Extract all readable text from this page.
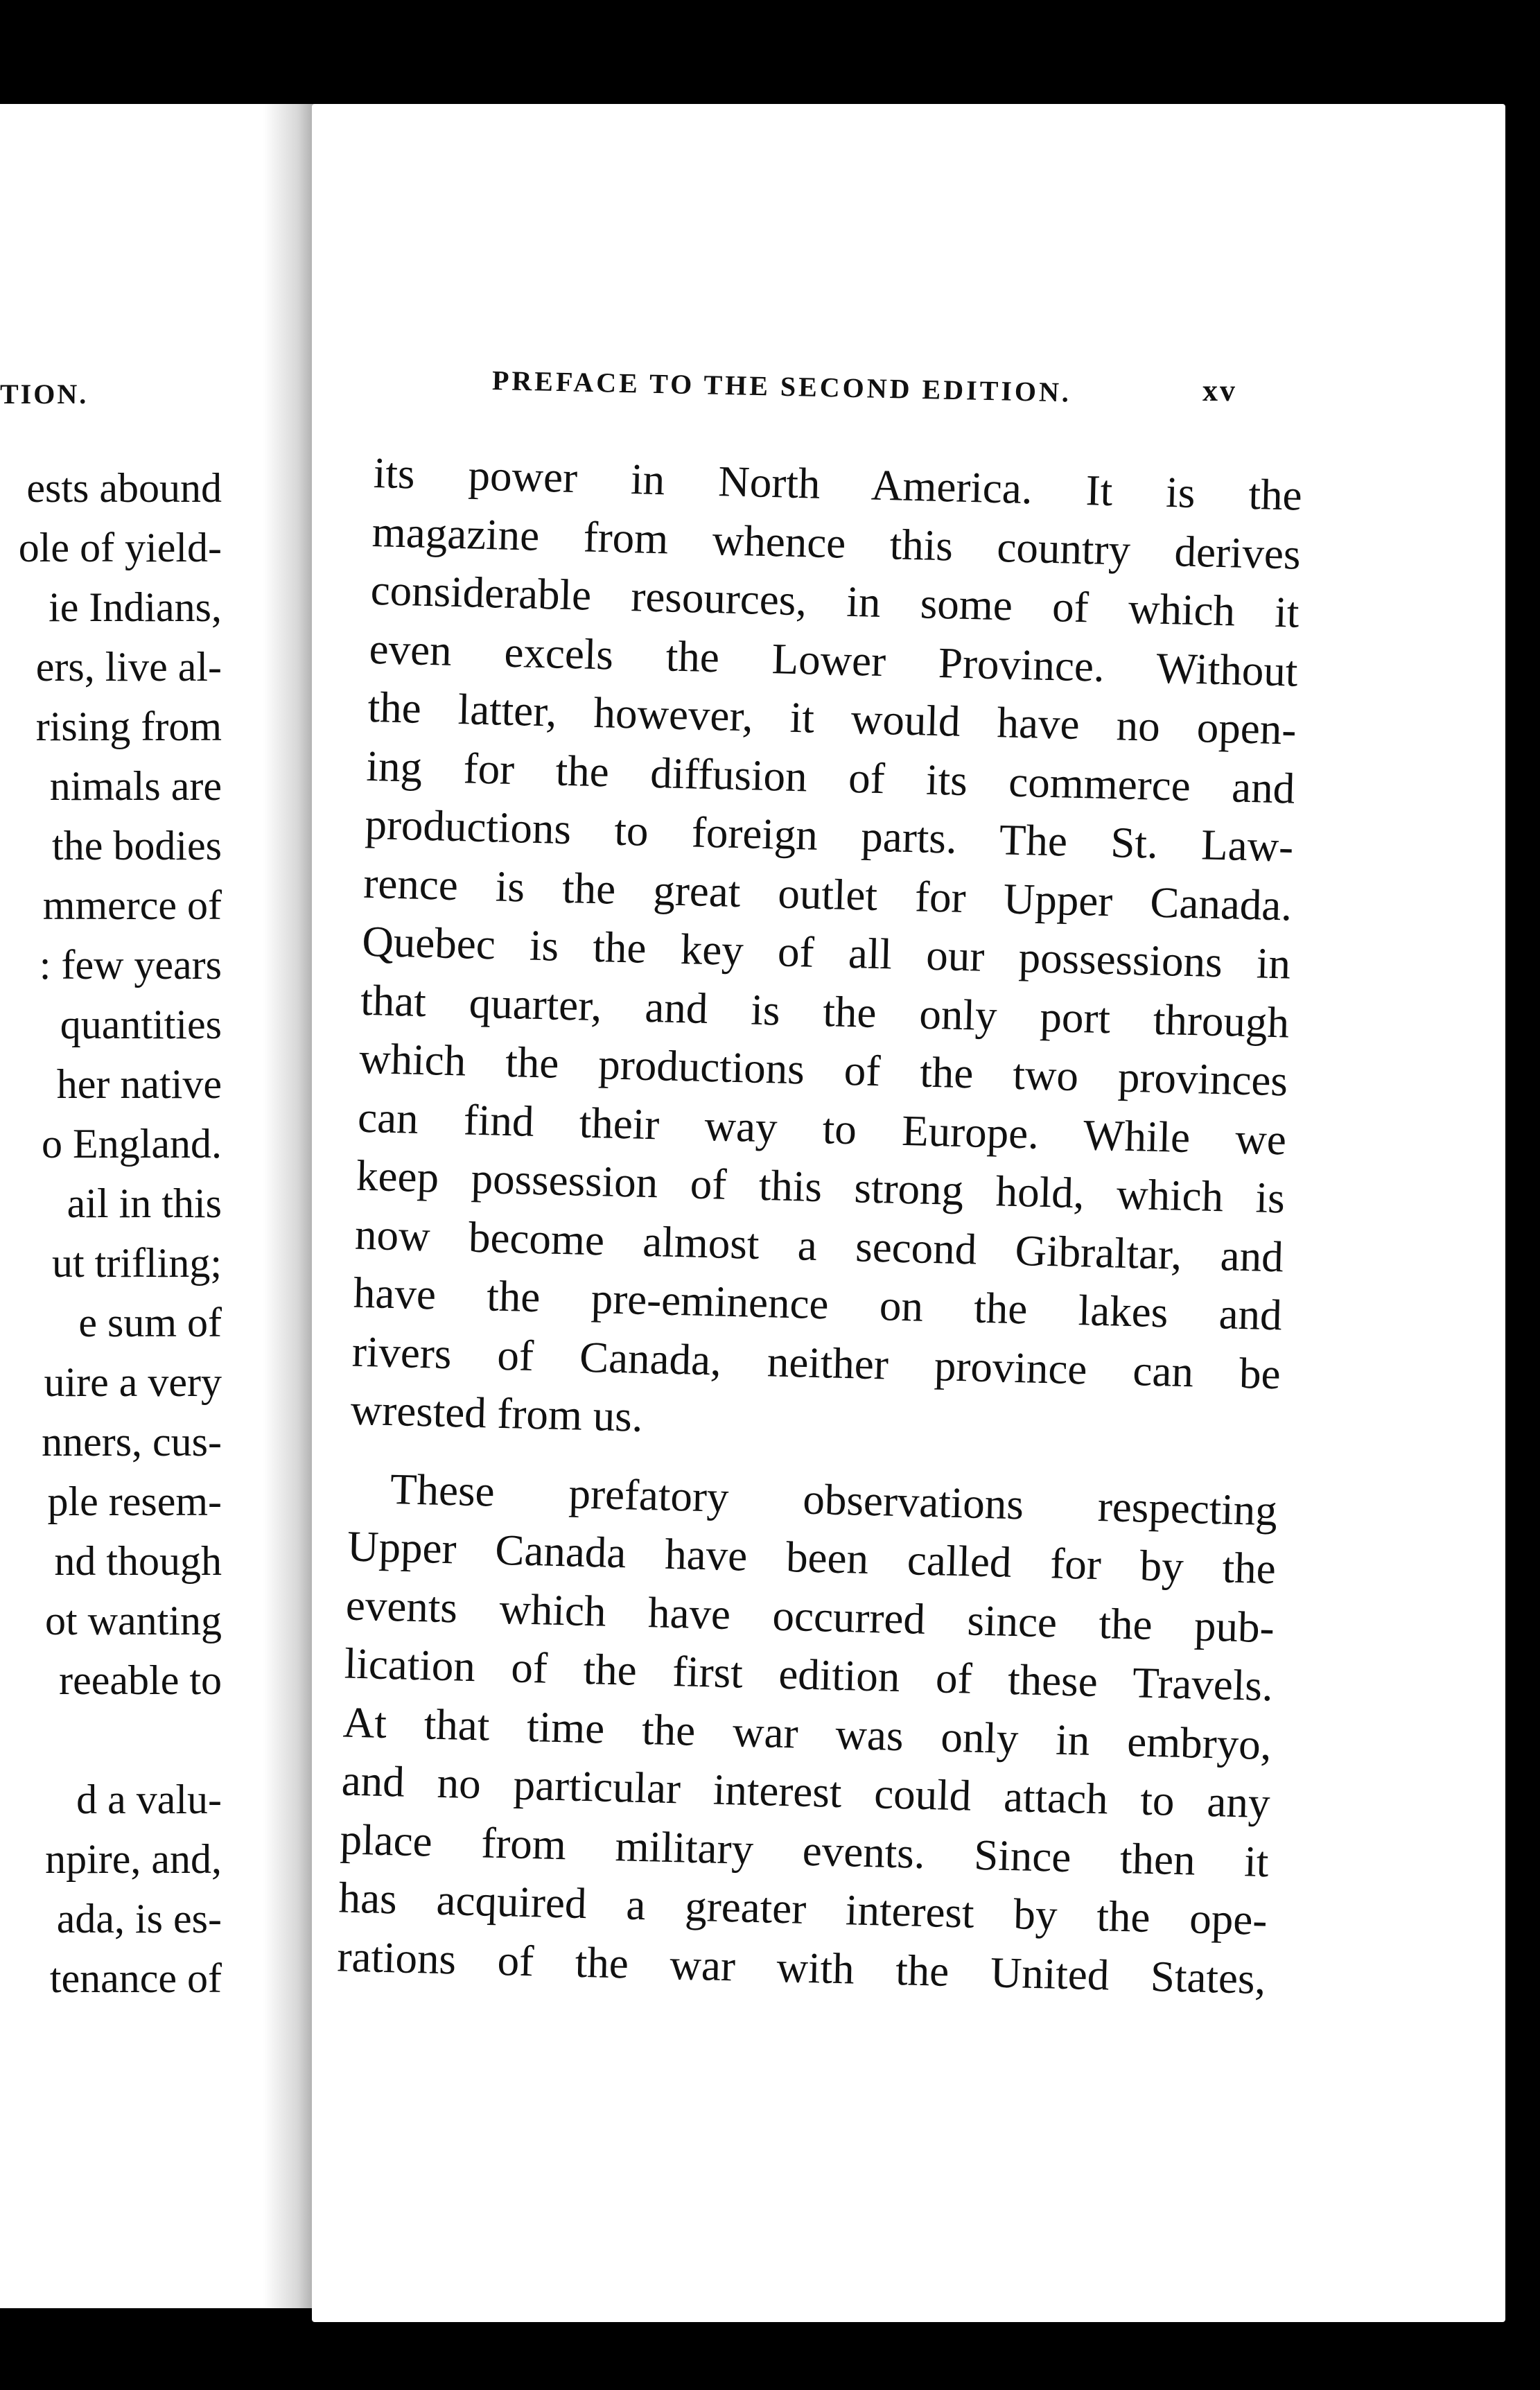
TION.
ests abound
ole of yield-
ie Indians,
ers, live al-
rising from
nimals are
the bodies
mmerce of
: few years
quantities
her native
o England.
ail in this
ut trifling;
e sum of
uire a very
nners, cus-
ple resem-
nd though
ot wanting
reeable to
d a valu-
npire, and,
ada, is es-
tenance of
PREFACE TO THE SECOND EDITION.	xv
its power in North America. It is the
magazine from whence this country derives
considerable resources, in some of which it
even excels the Lower Province. Without
the latter, however, it would have no open-
ing for the diffusion of its commerce and
productions to foreign parts. The St. Law-
rence is the great outlet for Upper Canada.
Quebec is the key of all our possessions in
that quarter, and is the only port through
which the productions of the two provinces
can find their way to Europe. While we
keep possession of this strong hold, which is
now become almost a second Gibraltar, and
have the pre-eminence on the lakes and
rivers of Canada, neither province can be
wrested from us.
These prefatory observations respecting
Upper Canada have been called for by the
events which have occurred since the pub-
lication of the first edition of these Travels.
At that time the war was only in embryo,
and no particular interest could attach to any
place from military events. Since then it
has acquired a greater interest by the ope-
rations of the war with the United States,
